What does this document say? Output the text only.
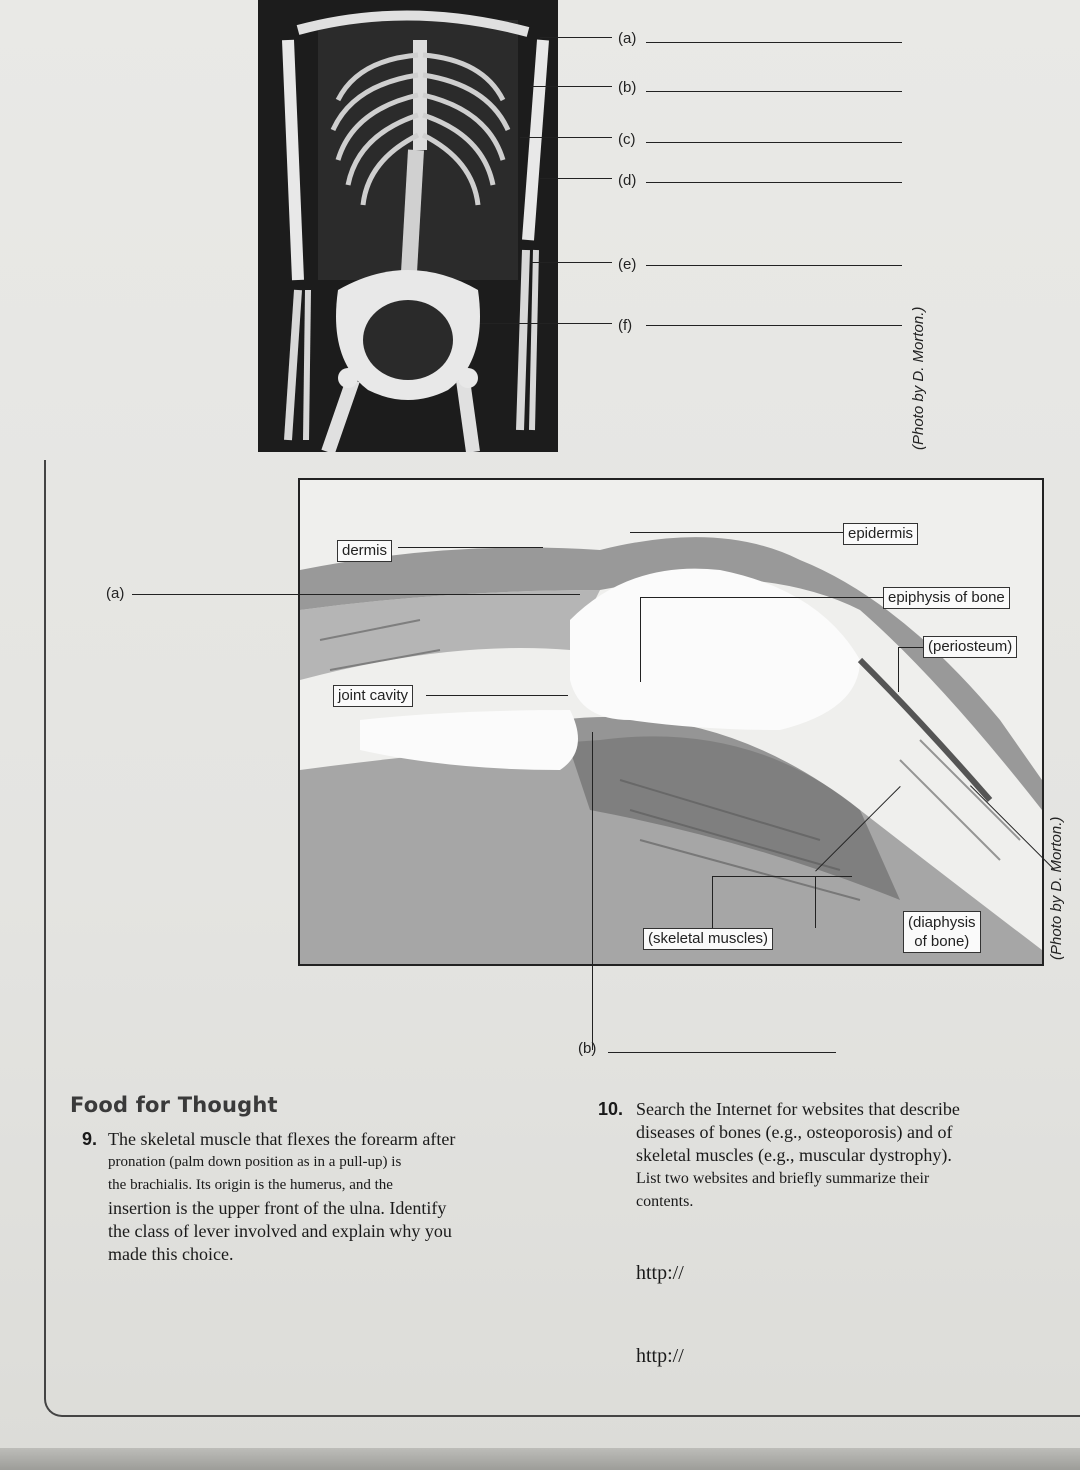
(a)
(b)
(c)
(d)
(e)
(f)	(Photo by D. Morton.)
epidermis
dermis
epiphysis of bone
(periosteum)
(a)
joint cavity
(skeletal muscles)
(diaphysis
of bone)
(b)
(Photo by D. Morton.)
Food for Thought
9. The skeletal muscle that flexes the forearm after
pronation (palm down position as in a pull-up) is
the brachialis. Its origin is the humerus, and the
insertion is the upper front of the ulna. Identify
the class of lever involved and explain why you
made this choice.
10. Search the Internet for websites that describe
diseases of bones (e.g., osteoporosis) and of
skeletal muscles (e.g., muscular dystrophy).
List two websites and briefly summarize their
contents.
http://
http://
